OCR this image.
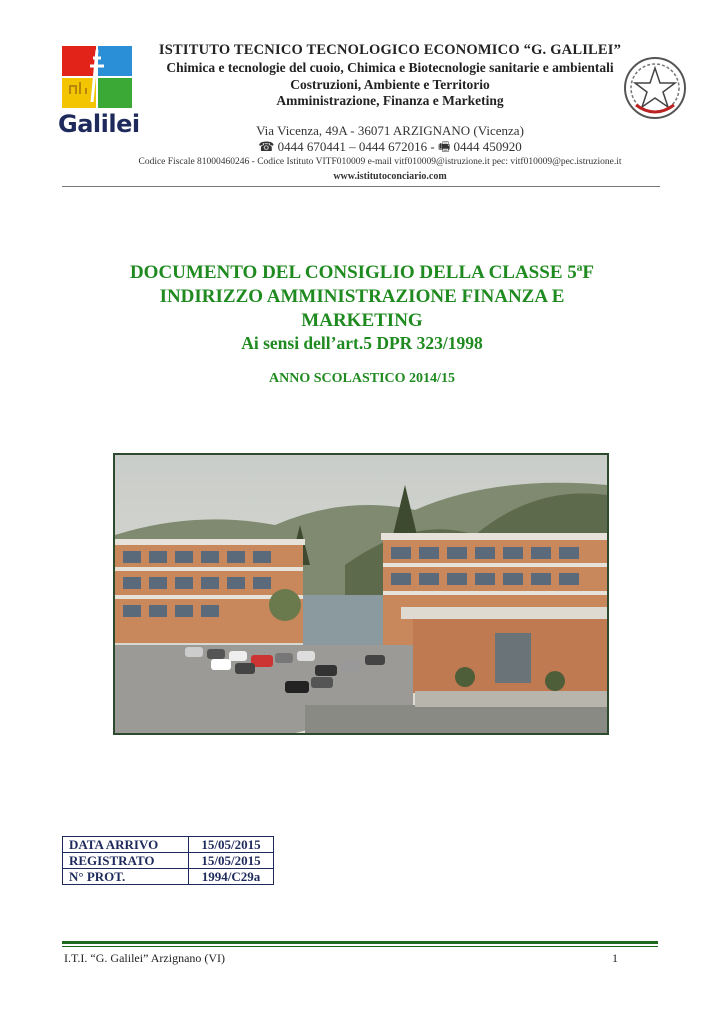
Galilei
ISTITUTO TECNICO TECNOLOGICO ECONOMICO “G. GALILEI”
Chimica e tecnologie del cuoio, Chimica e Biotecnologie sanitarie e ambientali
Costruzioni, Ambiente e Territorio
Amministrazione, Finanza e Marketing
Via Vicenza, 49A - 36071 ARZIGNANO (Vicenza)
☎ 0444 670441 – 0444 672016 - 🖷 0444 450920
Codice Fiscale 81000460246 - Codice Istituto VITF010009 e-mail vitf010009@istruzione.it pec: vitf010009@pec.istruzione.it
www.istitutoconciario.com
DOCUMENTO DEL CONSIGLIO DELLA CLASSE 5ªF
INDIRIZZO AMMINISTRAZIONE FINANZA E
MARKETING
Ai sensi dell’art.5 DPR 323/1998
ANNO SCOLASTICO 2014/15
DATA ARRIVO	15/05/2015
REGISTRATO	15/05/2015
N° PROT.	1994/C29a
I.T.I. “G. Galilei” Arzignano (VI)	1
